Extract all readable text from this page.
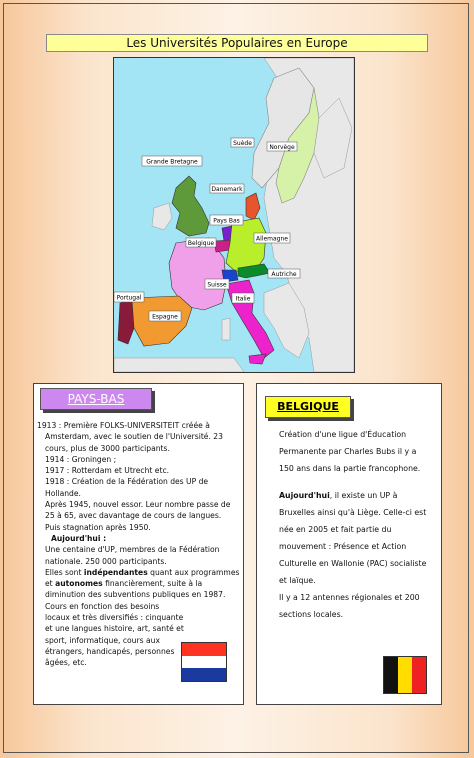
Les Universités Populaires en Europe
Suède
Norvège
Grande Bretagne
Danemark
Pays Bas
Belgique
Allemagne
Autriche
Suisse
Italie
Portugal
Espagne
PAYS-BAS

1913 : Première FOLKS-UNIVERSITEIT créée à Amsterdam, avec le soutien de l'Université. 23 cours, plus de 3000 participants.

1914 : Groningen ;

1917 : Rotterdam et Utrecht etc.

1918 : Création de la Fédération des UP de Hollande.

Après 1945, nouvel essor. Leur nombre passe de 25 à 65, avec davantage de cours de langues.

Puis stagnation après 1950.

Aujourd'hui :

Une centaine d'UP, membres de la Fédération nationale. 250 000 participants.

Elles sont indépendantes quant aux programmes et autonomes financièrement, suite à la diminution des subventions publiques en 1987.

Cours en fonction des besoins locaux et très diversifiés : cinquante et une langues histoire, art, santé et sport, informatique, cours aux étrangers, handicapés, personnes âgées, etc.

BELGIQUE

Création d'une ligue d'Éducation Permanente par Charles Bubs il y a 150 ans dans la partie francophone.

Aujourd'hui, il existe un UP à Bruxelles ainsi qu'à Liège. Celle-ci est née en 2005 et fait partie du mouvement : Présence et Action Culturelle en Wallonie (PAC) socialiste et laïque.

Il y a 12 antennes régionales et 200 sections locales.
